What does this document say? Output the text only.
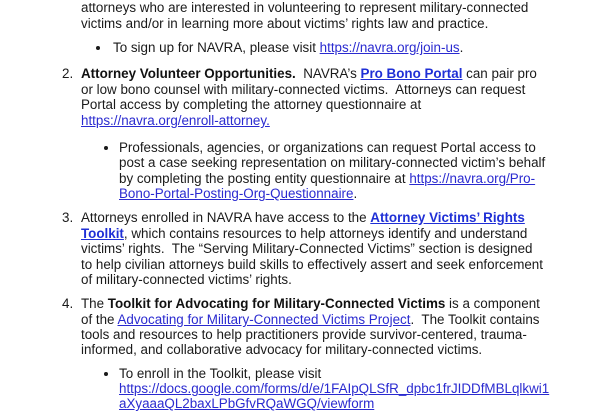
attorneys who are interested in volunteering to represent military-connected
victims and/or in learning more about victims’ rights law and practice.
To sign up for NAVRA, please visit https://navra.org/join-us.
2. Attorney Volunteer Opportunities.  NAVRA’s Pro Bono Portal can pair pro
or low bono counsel with military-connected victims.  Attorneys can request
Portal access by completing the attorney questionnaire at
https://navra.org/enroll-attorney.
Professionals, agencies, or organizations can request Portal access to
post a case seeking representation on military-connected victim’s behalf
by completing the posting entity questionnaire at https://navra.org/Pro-
Bono-Portal-Posting-Org-Questionnaire.
3. Attorneys enrolled in NAVRA have access to the Attorney Victims’ Rights
Toolkit, which contains resources to help attorneys identify and understand
victims’ rights.  The “Serving Military-Connected Victims” section is designed
to help civilian attorneys build skills to effectively assert and seek enforcement
of military-connected victims’ rights.
4. The Toolkit for Advocating for Military-Connected Victims is a component
of the Advocating for Military-Connected Victims Project.  The Toolkit contains
tools and resources to help practitioners provide survivor-centered, trauma-
informed, and collaborative advocacy for military-connected victims.
To enroll in the Toolkit, please visit
https://docs.google.com/forms/d/e/1FAIpQLSfR_dpbc1frJIDDfMBLqlkwi1
aXyaaaQL2baxLPbGfvRQaWGQ/viewform
